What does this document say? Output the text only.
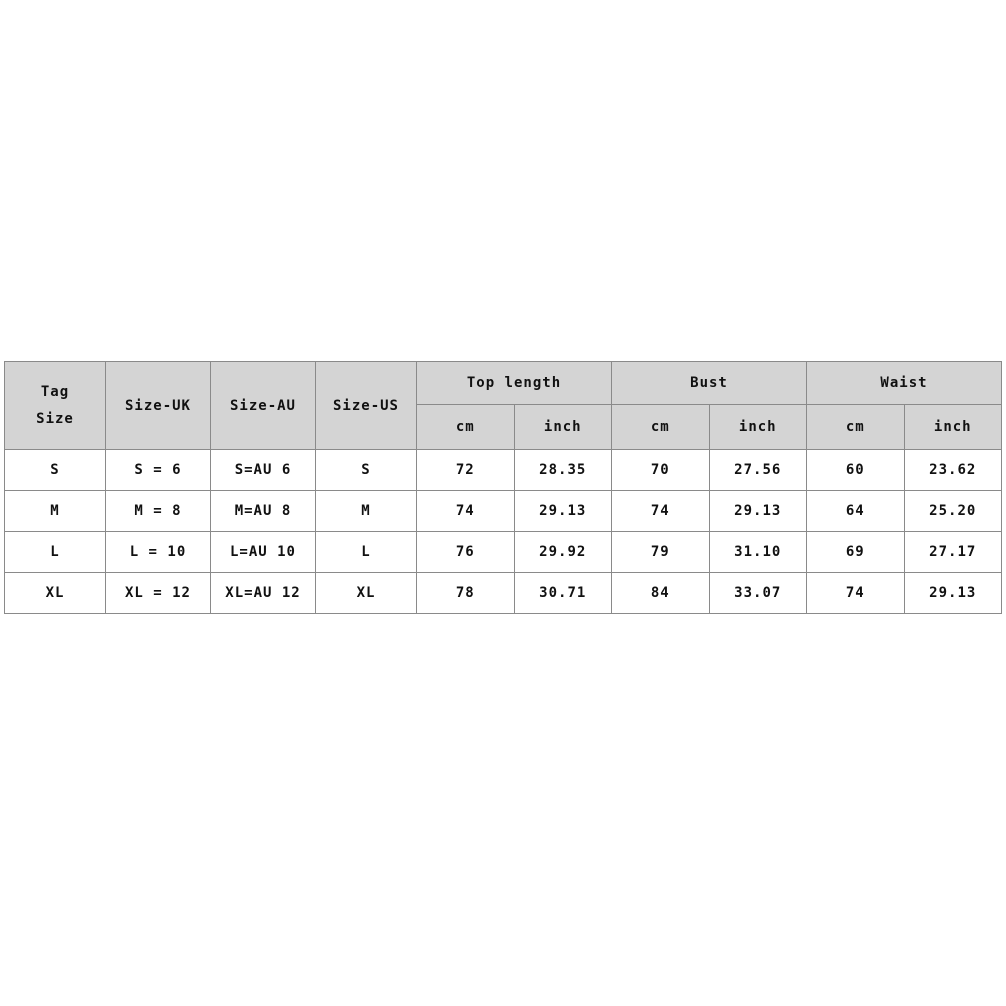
Tag
Size	Size-UK	Size-AU	Size-US	Top length		Bust		Waist	
				cm	inch	cm	inch	cm	inch
S	S = 6	S=AU 6	S	72	28.35	70	27.56	60	23.62
M	M = 8	M=AU 8	M	74	29.13	74	29.13	64	25.20
L	L = 10	L=AU 10	L	76	29.92	79	31.10	69	27.17
XL	XL = 12	XL=AU 12	XL	78	30.71	84	33.07	74	29.13
